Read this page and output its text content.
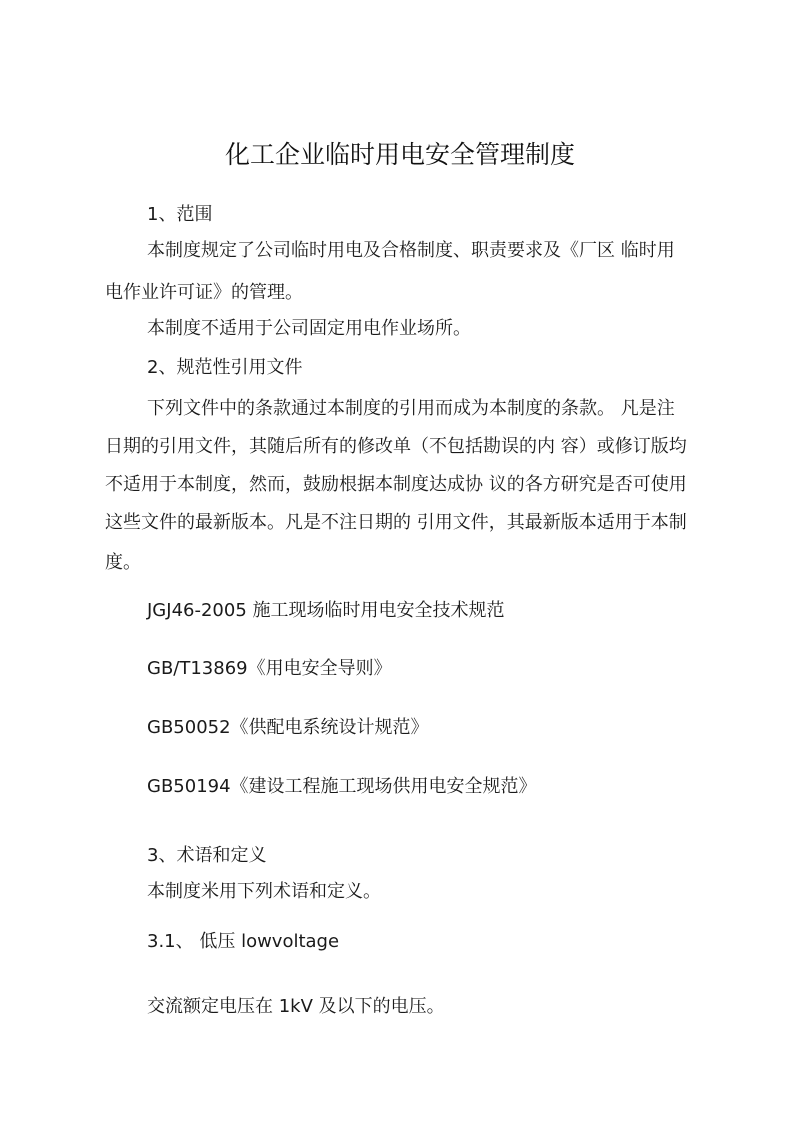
化工企业临时用电安全管理制度
1、范围
本制度规定了公司临时用电及合格制度、职责要求及《厂区 临时用
电作业许可证》的管理。
本制度不适用于公司固定用电作业场所。
2、规范性引用文件
下列文件中的条款通过本制度的引用而成为本制度的条款。 凡是注
日期的引用文件，其随后所有的修改单（不包括勘误的内 容）或修订版均
不适用于本制度，然而，鼓励根据本制度达成协 议的各方研究是否可使用
这些文件的最新版本。凡是不注日期的 引用文件，其最新版本适用于本制
度。
JGJ46-2005 施工现场临时用电安全技术规范
GB/T13869《用电安全导则》
GB50052《供配电系统设计规范》
GB50194《建设工程施工现场供用电安全规范》
3、术语和定义
本制度米用下列术语和定义。
3.1、 低压 lowvoltage
交流额定电压在 1kV 及以下的电压。
